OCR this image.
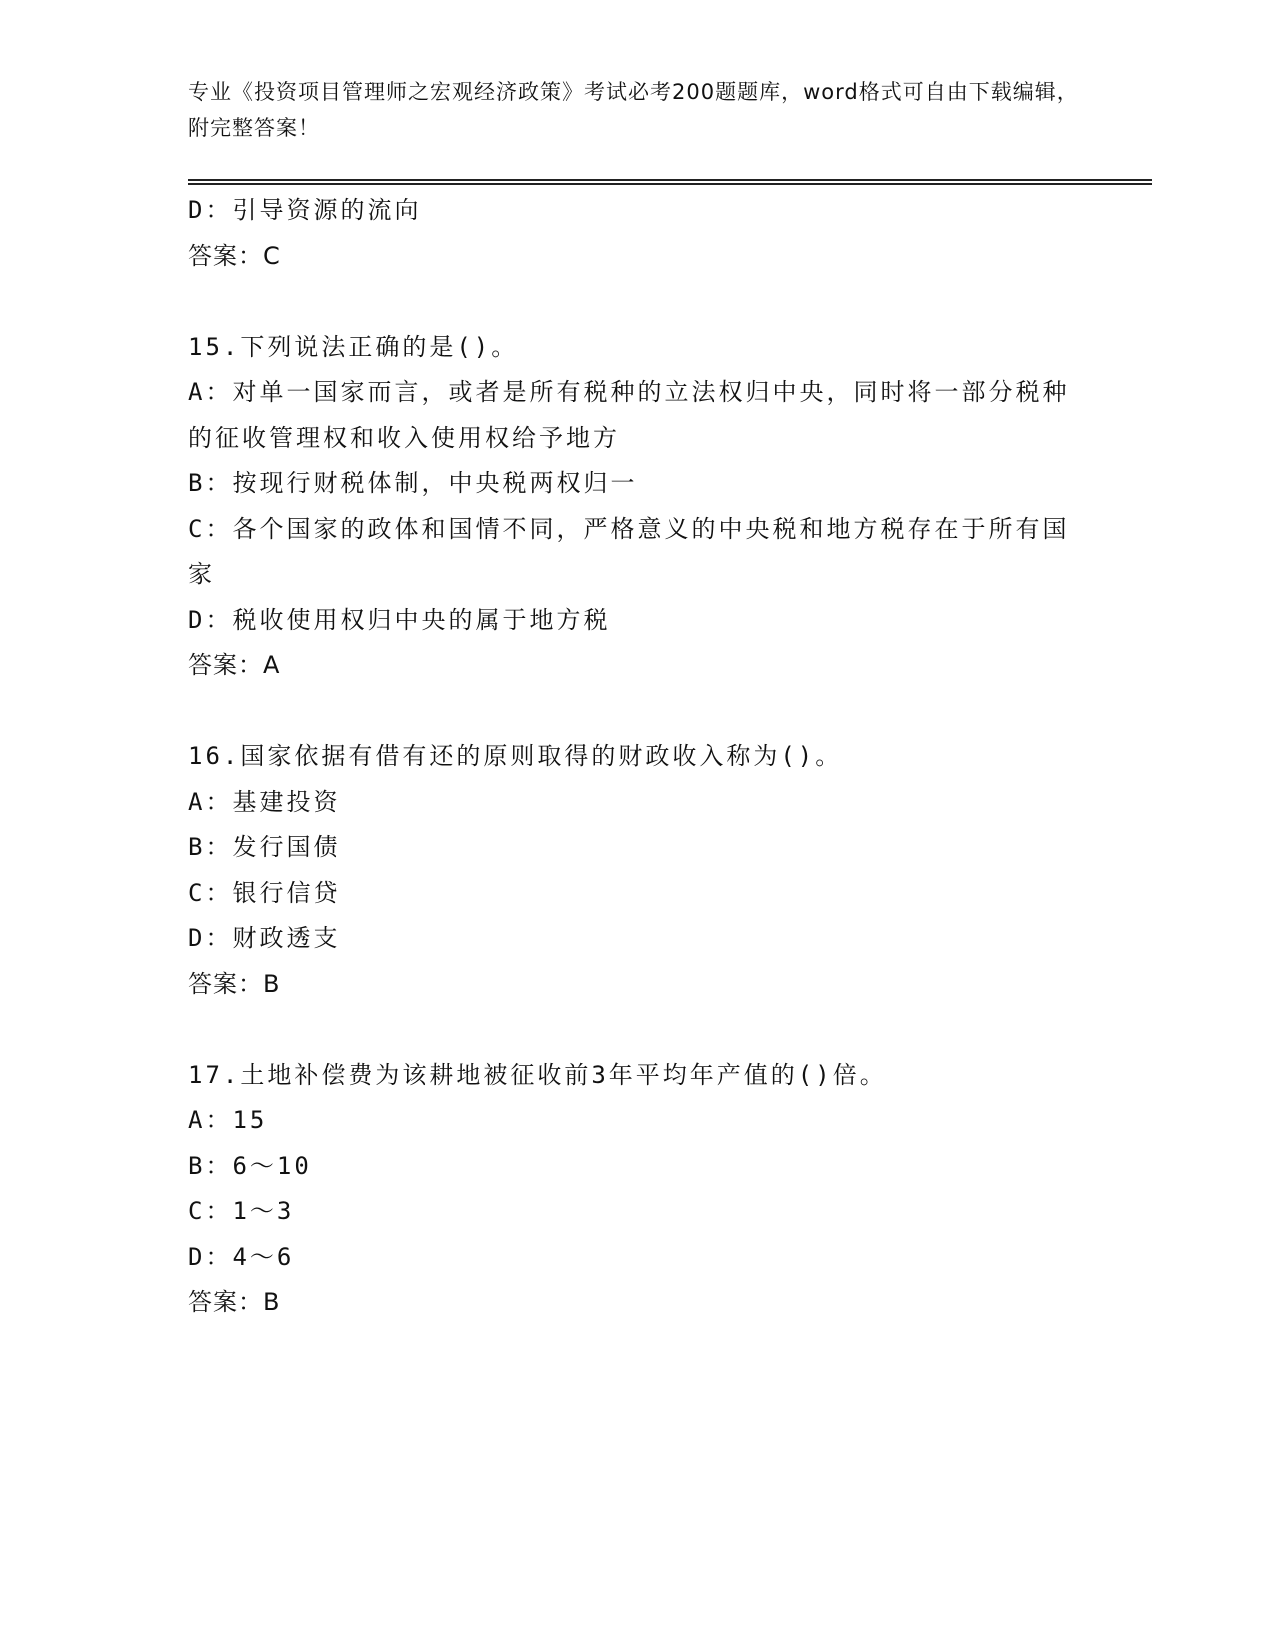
专业《投资项目管理师之宏观经济政策》考试必考200题题库，word格式可自由下载编辑，附完整答案！

D：引导资源的流向

答案：C

15.下列说法正确的是()。

A：对单一国家而言，或者是所有税种的立法权归中央，同时将一部分税种的征收管理权和收入使用权给予地方

B：按现行财税体制，中央税两权归一

C：各个国家的政体和国情不同，严格意义的中央税和地方税存在于所有国家

D：税收使用权归中央的属于地方税

答案：A

16.国家依据有借有还的原则取得的财政收入称为()。

A：基建投资

B：发行国债

C：银行信贷

D：财政透支

答案：B

17.土地补偿费为该耕地被征收前3年平均年产值的()倍。

A：15

B：6～10

C：1～3

D：4～6

答案：B
